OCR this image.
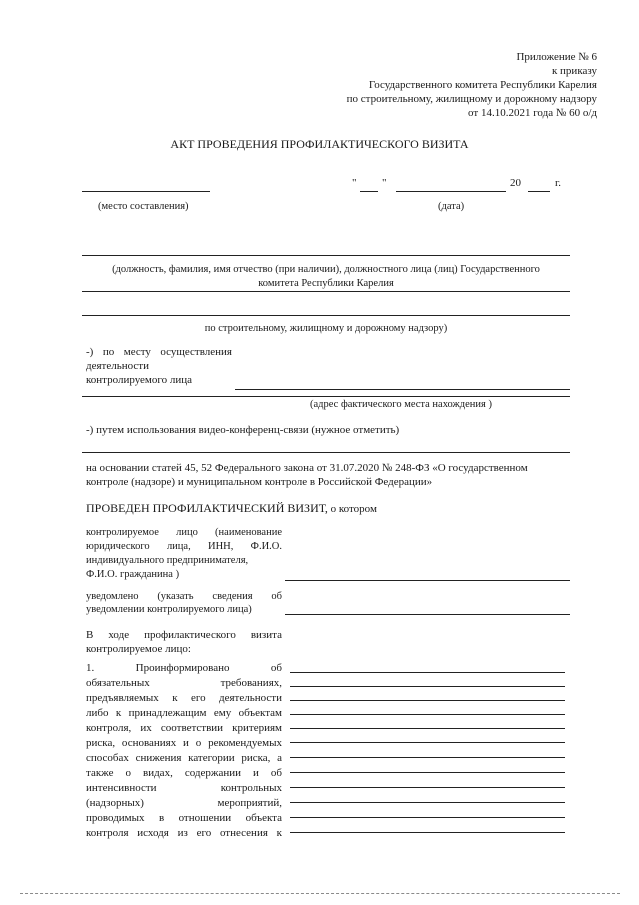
Приложение № 6
к приказу
Государственного комитета Республики Карелия
по строительному, жилищному и дорожному надзору
от 14.10.2021 года № 60 о/д
АКТ ПРОВЕДЕНИЯ ПРОФИЛАКТИЧЕСКОГО ВИЗИТА
" "	20	г.
(место составления)	(дата)
(должность, фамилия, имя отчество (при наличии), должностного лица (лиц) Государственного
комитета Республики Карелия
по строительному, жилищному и дорожному надзору)
-) по месту осуществления
деятельности
контролируемого лица
(адрес фактического места нахождения )
-) путем использования видео-конференц-связи (нужное отметить)
на основании статей 45, 52 Федерального закона от 31.07.2020 № 248-ФЗ «О государственном
контроле (надзоре) и муниципальном контроле в Российской Федерации»
ПРОВЕДЕН ПРОФИЛАКТИЧЕСКИЙ ВИЗИТ, о котором
контролируемое лицо (наименование
юридического лица, ИНН, Ф.И.О.
индивидуального предпринимателя,
Ф.И.О. гражданина )
уведомлено (указать сведения об
уведомлении контролируемого лица)
В ходе профилактического визита
контролируемое лицо:
1. Проинформировано об
обязательных требованиях,
предъявляемых к его деятельности
либо к принадлежащим ему объектам
контроля, их соответствии критериям
риска, основаниях и о рекомендуемых
способах снижения категории риска, а
также о видах, содержании и об
интенсивности контрольных
(надзорных) мероприятий,
проводимых в отношении объекта
контроля исходя из его отнесения к
